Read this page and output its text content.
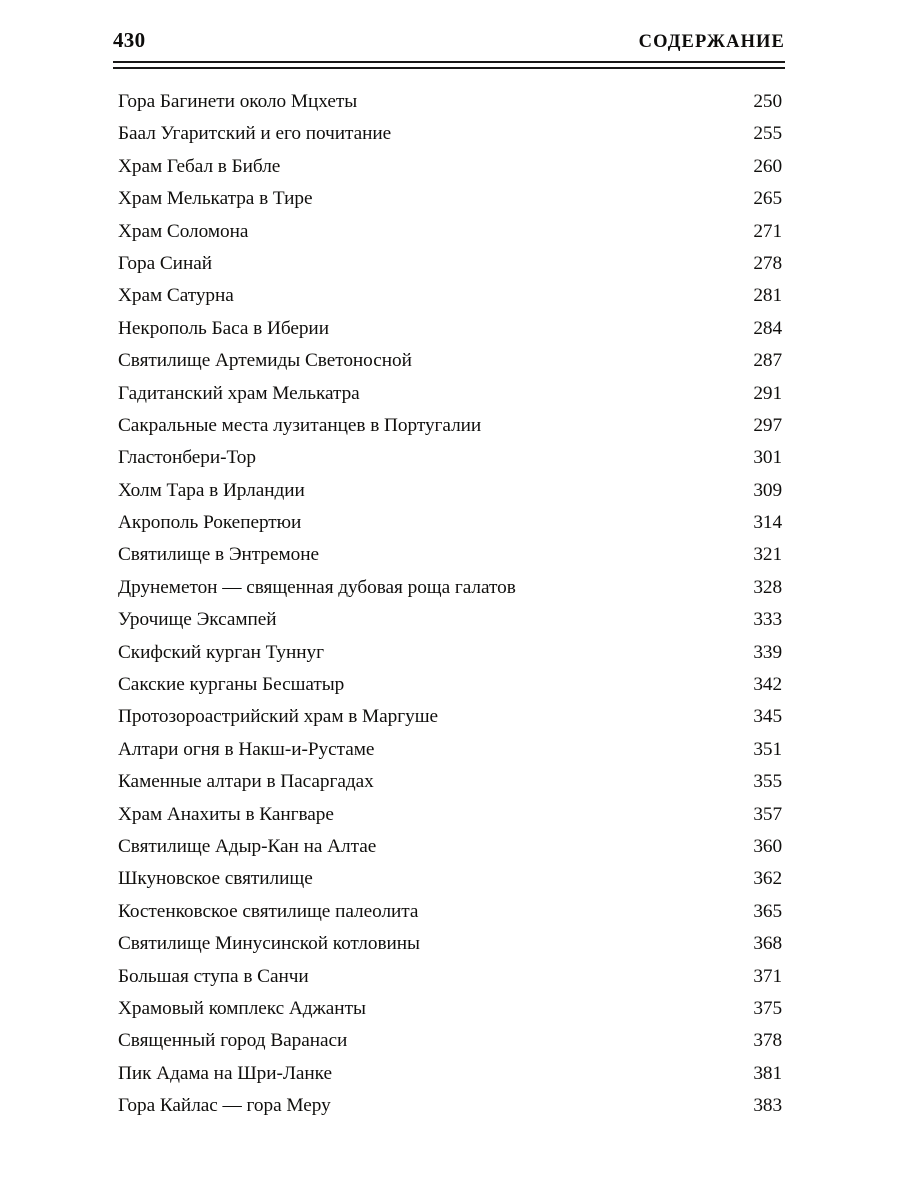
430	СОДЕРЖАНИЕ
Гора Багинети около Мцхеты .....	250
Баал Угаритский и его почитание .....	255
Храм Гебал в Библе .....	260
Храм Мелькатра в Тире .....	265
Храм Соломона .....	271
Гора Синай .....	278
Храм Сатурна .....	281
Некрополь Баса в Иберии .....	284
Святилище Артемиды Светоносной .....	287
Гадитанский храм Мелькатра .....	291
Сакральные места лузитанцев в Португалии .....	297
Гластонбери-Тор .....	301
Холм Тара в Ирландии .....	309
Акрополь Рокепертюи .....	314
Святилище в Энтремоне .....	321
Друнеметон — священная дубовая роща галатов .....	328
Урочище Эксампей .....	333
Скифский курган Туннуг .....	339
Сакские курганы Бесшатыр .....	342
Протозороастрийский храм в Маргуше .....	345
Алтари огня в Накш-и-Рустаме .....	351
Каменные алтари в Пасаргадах .....	355
Храм Анахиты в Кангваре .....	357
Святилище Адыр-Кан на Алтае .....	360
Шкуновское святилище .....	362
Костенковское святилище палеолита .....	365
Святилище Минусинской котловины .....	368
Большая ступа в Санчи .....	371
Храмовый комплекс Аджанты .....	375
Священный город Варанаси .....	378
Пик Адама на Шри-Ланке .....	381
Гора Кайлас — гора Меру .....	383
